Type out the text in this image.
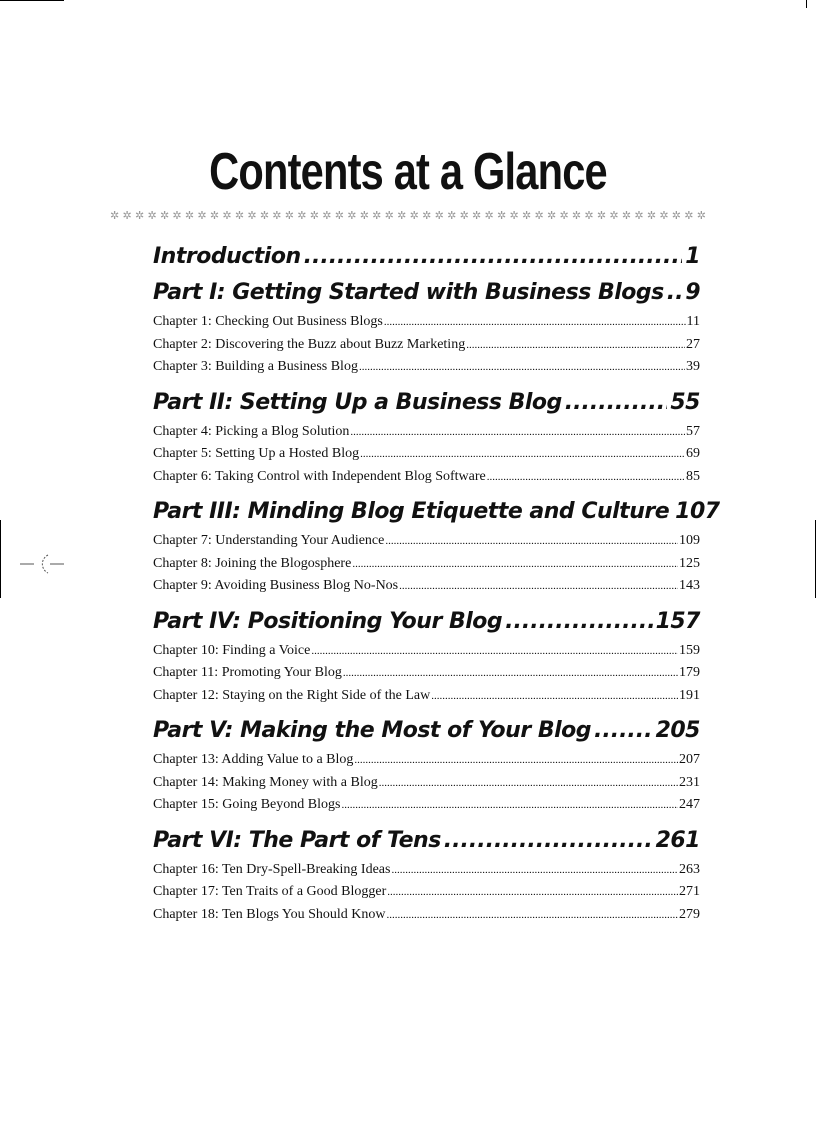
Contents at a Glance
✲ ✲ ✲ ✲ ✲ ✲ ✲ ✲ ✲ ✲ ✲ ✲ ✲ ✲ ✲ ✲ ✲ ✲ ✲ ✲ ✲ ✲ ✲ ✲ ✲ ✲ ✲ ✲ ✲ ✲ ✲ ✲ ✲ ✲ ✲ ✲ ✲ ✲ ✲ ✲ ✲ ✲ ✲ ✲ ✲ ✲ ✲ ✲
Introduction .....	1
Part I: Getting Started with Business Blogs ..... 9
Chapter 1: Checking Out Business Blogs .....	11
Chapter 2: Discovering the Buzz about Buzz Marketing .....	27
Chapter 3: Building a Business Blog .....	39
Part II: Setting Up a Business Blog .....	55
Chapter 4: Picking a Blog Solution .....	57
Chapter 5: Setting Up a Hosted Blog .....	69
Chapter 6: Taking Control with Independent Blog Software .....	85
Part III: Minding Blog Etiquette and Culture 107
Chapter 7: Understanding Your Audience .....	109
Chapter 8: Joining the Blogosphere .....	125
Chapter 9: Avoiding Business Blog No-Nos .....	143
Part IV: Positioning Your Blog .....	157
Chapter 10: Finding a Voice .....	159
Chapter 11: Promoting Your Blog .....	179
Chapter 12: Staying on the Right Side of the Law .....	191
Part V: Making the Most of Your Blog .....	205
Chapter 13: Adding Value to a Blog .....	207
Chapter 14: Making Money with a Blog .....	231
Chapter 15: Going Beyond Blogs .....	247
Part VI: The Part of Tens .....	261
Chapter 16: Ten Dry-Spell-Breaking Ideas .....	263
Chapter 17: Ten Traits of a Good Blogger .....	271
Chapter 18: Ten Blogs You Should Know .....	279
